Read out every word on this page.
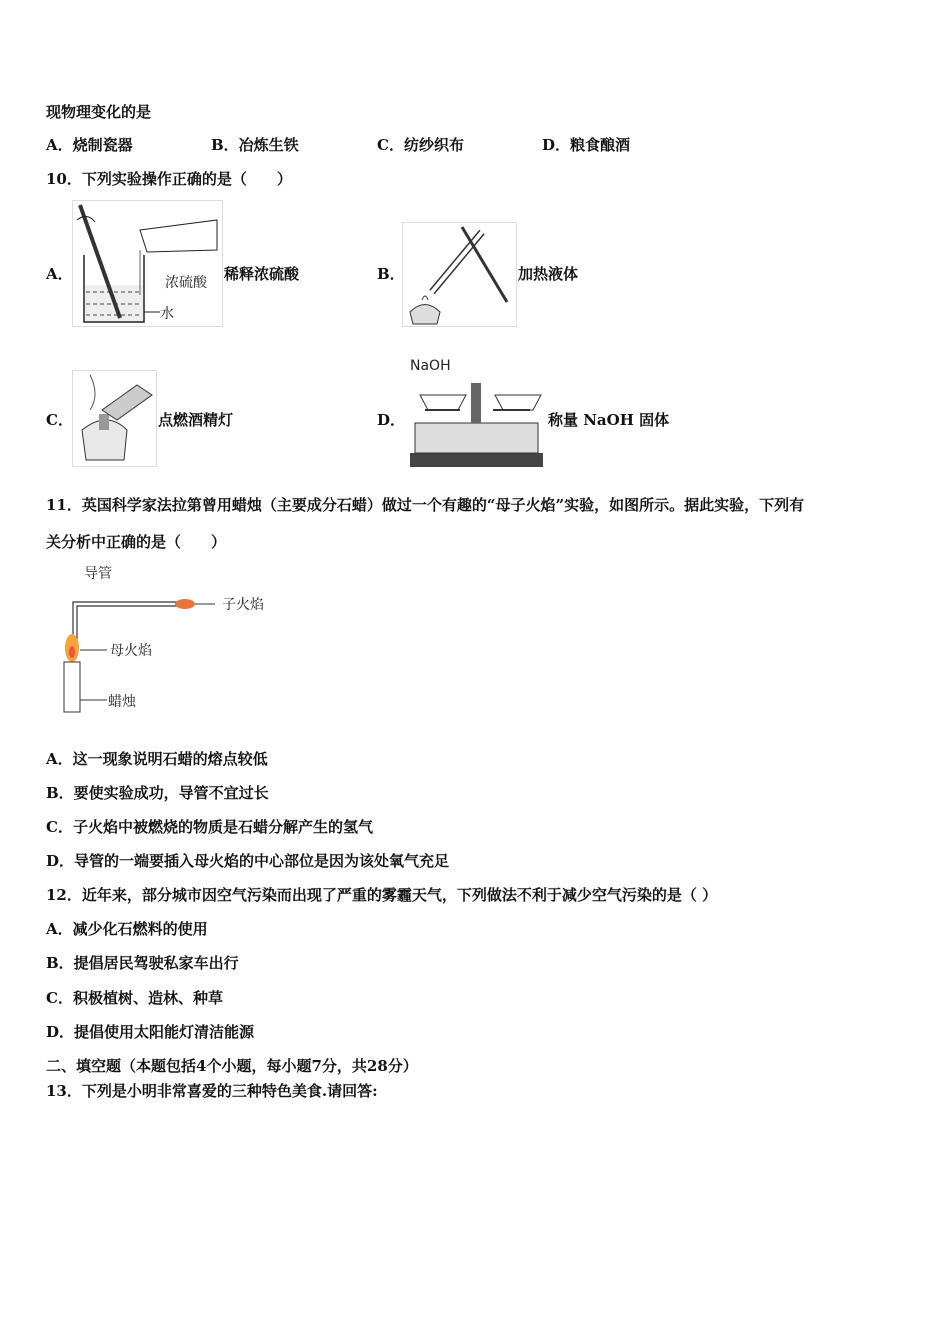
现物理变化的是
A．烧制瓷器	B．冶炼生铁	C．纺纱织布	D．粮食酿酒
10．下列实验操作正确的是（　　）
A．	浓硫酸
水
稀释浓硫酸	B．	加热液体
C．	点燃酒精灯	D．
NaOH
称量 NaOH 固体
11．英国科学家法拉第曾用蜡烛（主要成分石蜡）做过一个有趣的“母子火焰”实验，如图所示。据此实验，下列有
关分析中正确的是（　　）
导管
子火焰
母火焰
蜡烛
A．这一现象说明石蜡的熔点较低
B．要使实验成功，导管不宜过长
C．子火焰中被燃烧的物质是石蜡分解产生的氢气
D．导管的一端要插入母火焰的中心部位是因为该处氧气充足
12．近年来，部分城市因空气污染而出现了严重的雾霾天气，下列做法不利于减少空气污染的是（ ）
A．减少化石燃料的使用
B．提倡居民驾驶私家车出行
C．积极植树、造林、种草
D．提倡使用太阳能灯清洁能源
二、填空题（本题包括4个小题，每小题7分，共28分）
13．下列是小明非常喜爱的三种特色美食.请回答:
